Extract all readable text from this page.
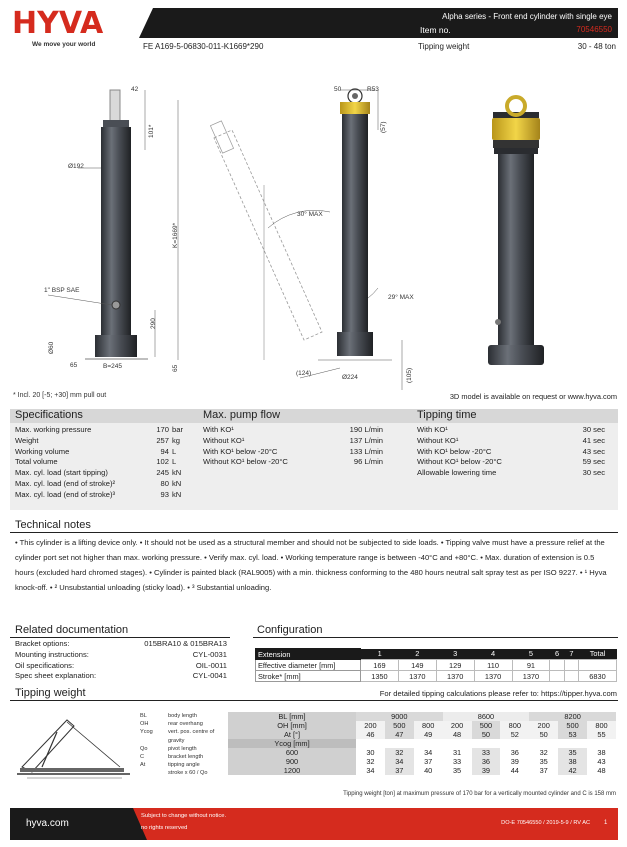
HYVA
We move your world
Alpha series - Front end cylinder with single eye
Item no.	70546550
FE A169-5-06830-011-K1669*290	Tipping weight	30 - 48 ton
42
101*
Ø192
K=1669*
1" BSP SAE
290
Ø60
65	B=245	65
50	R53
(57)
30° MAX
29° MAX
(124)
Ø224	(105)
* Incl. 20 [-5; +30] mm pull out	3D model is available on request or www.hyva.com
Specifications	Max. pump flow	Tipping time
Max. working pressure	170 bar
Weight	257 kg
Working volume	94 L
Total volume	102 L
Max. cyl. load (start tipping)	245 kN
Max. cyl. load (end of stroke)²	80 kN
Max. cyl. load (end of stroke)³	93 kN
With KO¹	190 L/min
Without KO¹	137 L/min
With KO¹ below -20°C	133 L/min
Without KO¹ below -20°C	96 L/min
With KO¹	30 sec
Without KO¹	41 sec
With KO¹ below -20°C	43 sec
Without KO¹ below -20°C	59 sec
Allowable lowering time	30 sec
Technical notes
• This cylinder is a lifting device only. • It should not be used as a structural member and should not be subjected to side loads. • Tipping valve must have a pressure relief at the cylinder port set not higher than max. working pressure. • Verify max. cyl. load. • Working temperature range is between -40°C and +80°C. • Max. duration of extension is 0.5 hours (excluded hard chromed stages). • Cylinder is painted black (RAL9005) with a min. thickness conforming to the 480 hours neutral salt spray test as per ISO 9227. • ¹ Hyva knock-off. • ² Unsubstantial unloading (sticky load). • ³ Substantial unloading.
Related documentation
Bracket options:	015BRA10 & 015BRA13
Mounting instructions:	CYL-0031
Oil specifications:	OIL-0011
Spec sheet explanation:	CYL-0041
Configuration
Extension	1	2	3	4	5	6	7	Total
Effective diameter [mm]	169	149	129	110	91			
Stroke* [mm]	1350	1370	1370	1370	1370			6830
Tipping weight	For detailed tipping calculations please refer to: https://tipper.hyva.com
BL	body length
OH	rear overhang
Ycog	vert. pos. centre of gravity
Qo	pivot length
C	bracket length
At	tipping angle
stroke x 60 / Qo
BL [mm]	9000			8600			8200		
OH [mm]	200	500	800	200	500	800	200	500	800
At [°]	46	47	49	48	50	52	50	53	55
Ycog [mm]									
600	30	32	34	31	33	36	32	35	38
900	32	34	37	33	36	39	35	38	43
1200	34	37	40	35	39	44	37	42	48
Tipping weight [ton] at maximum pressure of 170 bar for a vertically mounted cylinder and C is 158 mm
hyva.com
Subject to change without notice.
no rights reserved
DO-E 70546550 / 2019-5-9 / RV AC 1
